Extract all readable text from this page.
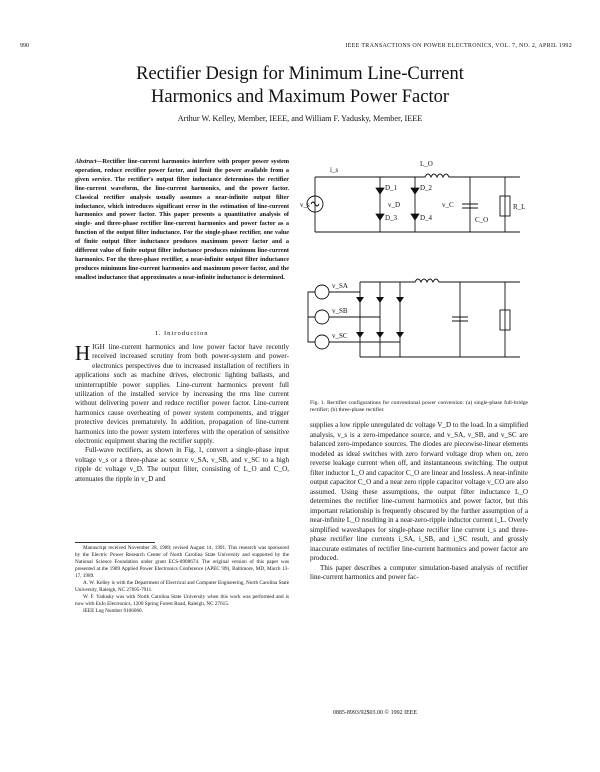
990	IEEE TRANSACTIONS ON POWER ELECTRONICS, VOL. 7, NO. 2, APRIL 1992
Rectifier Design for Minimum Line-Current
Harmonics and Maximum Power Factor
Arthur W. Kelley, Member, IEEE, and William F. Yadusky, Member, IEEE
Abstract—Rectifier line-current harmonics interfere with proper power system operation, reduce rectifier power factor, and limit the power available from a given service. The rectifier's output filter inductance determines the rectifier line-current waveform, the line-current harmonics, and the power factor. Classical rectifier analysis usually assumes a near-infinite output filter inductance, which introduces significant error in the estimation of line-current harmonics and power factor. This paper presents a quantitative analysis of single- and three-phase rectifier line-current harmonics and power factor as a function of the output filter inductance. For the single-phase rectifier, one value of finite output filter inductance produces maximum power factor and a different value of finite output filter inductance produces minimum line-current harmonics. For the three-phase rectifier, a near-infinite output filter inductance produces minimum line-current harmonics and maximum power factor, and the smallest inductance that approximates a near-infinite inductance is determined.
I. Introduction

HIGH line-current harmonics and low power factor have recently received increased scrutiny from both power-system and power-electronics perspectives due to increased installation of rectifiers in applications such as machine drives, electronic lighting ballasts, and uninterruptible power supplies. Line-current harmonics prevent full utilization of the installed service by increasing the rms line current without delivering power and reduce rectifier power factor. Line-current harmonics cause overheating of power system components, and trigger protective devices prematurely. In addition, propagation of line-current harmonics into the power system interferes with the operation of sensitive electronic equipment sharing the rectifier supply.

Full-wave rectifiers, as shown in Fig. 1, convert a single-phase input voltage v_s or a three-phase ac source v_SA, v_SB, and v_SC to a high ripple dc voltage v_D. The output filter, consisting of L_O and C_O, attenuates the ripple in v_D and

Manuscript received November 28, 1989; revised August 14, 1991. This research was sponsored by the Electric Power Research Center of North Carolina State University and supported by the National Science Foundation under grant ECS-8908674. The original version of this paper was presented at the 1989 Applied Power Electronics Conference (APEC '89), Baltimore, MD, March 13-17, 1989.

A. W. Kelley is with the Department of Electrical and Computer Engineering, North Carolina State University, Raleigh, NC 27695-7911.

W. F. Yadusky was with North Carolina State University when this work was performed and is now with Enfo Electronics, 1200 Spring Forest Road, Raleigh, NC 27615.

IEEE Log Number 9106060.

L_O
v_s	v_D
C_O
v_C	R_L
i_s
v_SA
v_SB
v_SC
D_1	D_2
D_3	D_4
Fig. 1. Rectifier configurations for conventional power conversion: (a) single-phase full-bridge rectifier; (b) three-phase rectifier.

supplies a low ripple unregulated dc voltage V_D to the load. In a simplified analysis, v_s is a zero-impedance source, and v_SA, v_SB, and v_SC are balanced zero-impedance sources. The diodes are piecewise-linear elements modeled as ideal switches with zero forward voltage drop when on, zero reverse leakage current when off, and instantaneous switching. The output filter inductor L_O and capacitor C_O are linear and lossless. A near-infinite output capacitor C_O and a near zero ripple capacitor voltage v_CO are also assumed. Using these assumptions, the output filter inductance L_O determines the rectifier line-current harmonics and power factor, but this important relationship is frequently obscured by the further assumption of a near-infinite L_O resulting in a near-zero-ripple inductor current i_L. Overly simplified waveshapes for single-phase rectifier line current i_s and three-phase rectifier line currents i_SA, i_SB, and i_SC result, and grossly inaccurate estimates of rectifier line-current harmonics and power factor are produced.

This paper describes a computer simulation-based analysis of rectifier line-current harmonics and power fac-

0885-8993/92$03.00 © 1992 IEEE
